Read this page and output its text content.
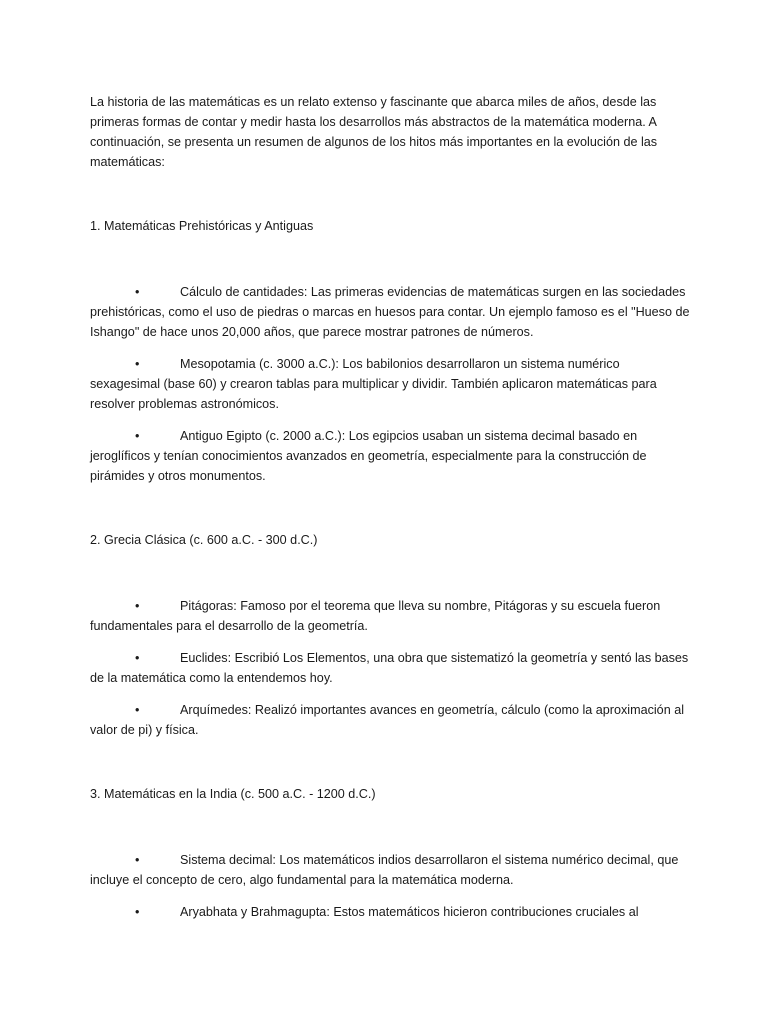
La historia de las matemáticas es un relato extenso y fascinante que abarca miles de años, desde las primeras formas de contar y medir hasta los desarrollos más abstractos de la matemática moderna. A continuación, se presenta un resumen de algunos de los hitos más importantes en la evolución de las matemáticas:

1. Matemáticas Prehistóricas y Antiguas

•	Cálculo de cantidades: Las primeras evidencias de matemáticas surgen en las sociedades prehistóricas, como el uso de piedras o marcas en huesos para contar. Un ejemplo famoso es el "Hueso de Ishango" de hace unos 20,000 años, que parece mostrar patrones de números.
•	Mesopotamia (c. 3000 a.C.): Los babilonios desarrollaron un sistema numérico sexagesimal (base 60) y crearon tablas para multiplicar y dividir. También aplicaron matemáticas para resolver problemas astronómicos.
•	Antiguo Egipto (c. 2000 a.C.): Los egipcios usaban un sistema decimal basado en jeroglíficos y tenían conocimientos avanzados en geometría, especialmente para la construcción de pirámides y otros monumentos.

2. Grecia Clásica (c. 600 a.C. - 300 d.C.)

•	Pitágoras: Famoso por el teorema que lleva su nombre, Pitágoras y su escuela fueron fundamentales para el desarrollo de la geometría.
•	Euclides: Escribió Los Elementos, una obra que sistematizó la geometría y sentó las bases de la matemática como la entendemos hoy.
•	Arquímedes: Realizó importantes avances en geometría, cálculo (como la aproximación al valor de pi) y física.

3. Matemáticas en la India (c. 500 a.C. - 1200 d.C.)

•	Sistema decimal: Los matemáticos indios desarrollaron el sistema numérico decimal, que incluye el concepto de cero, algo fundamental para la matemática moderna.
•	Aryabhata y Brahmagupta: Estos matemáticos hicieron contribuciones cruciales al
